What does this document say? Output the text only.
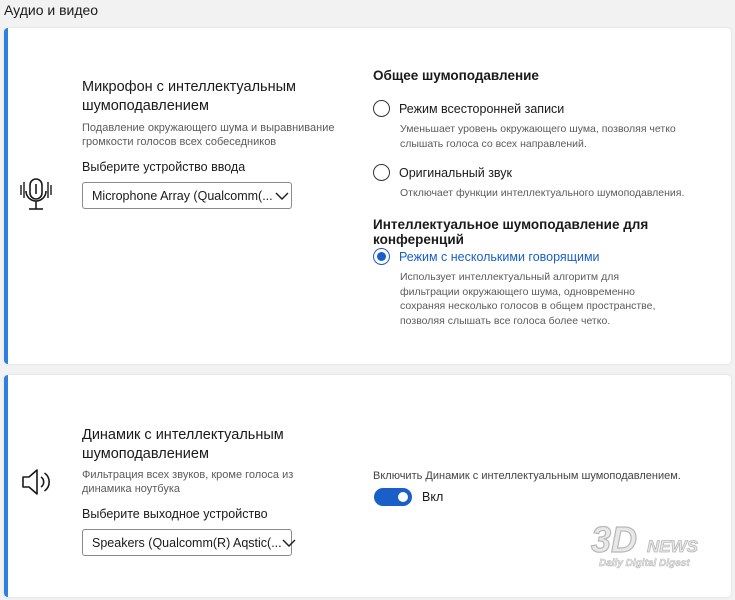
Аудио и видео
Микрофон с интеллектуальным шумоподавлением
Подавление окружающего шума и выравнивание громкости голосов всех собеседников
Выберите устройство ввода
Microphone Array (Qualcomm(...
Общее шумоподавление
Режим всесторонней записи
Уменьшает уровень окружающего шума, позволяя четко слышать голоса со всех направлений.
Оригинальный звук
Отключает функции интеллектуального шумоподавления.
Интеллектуальное шумоподавление для конференций
Режим с несколькими говорящими
Использует интеллектуальный алгоритм для фильтрации окружающего шума, одновременно сохраняя несколько голосов в общем пространстве, позволяя слышать все голоса более четко.
Динамик с интеллектуальным шумоподавлением
Фильтрация всех звуков, кроме голоса из динамика ноутбука
Выберите выходное устройство
Speakers (Qualcomm(R) Aqstic(...
Включить Динамик с интеллектуальным шумоподавлением.
Вкл
3D NEWS
Daily Digital Digest
